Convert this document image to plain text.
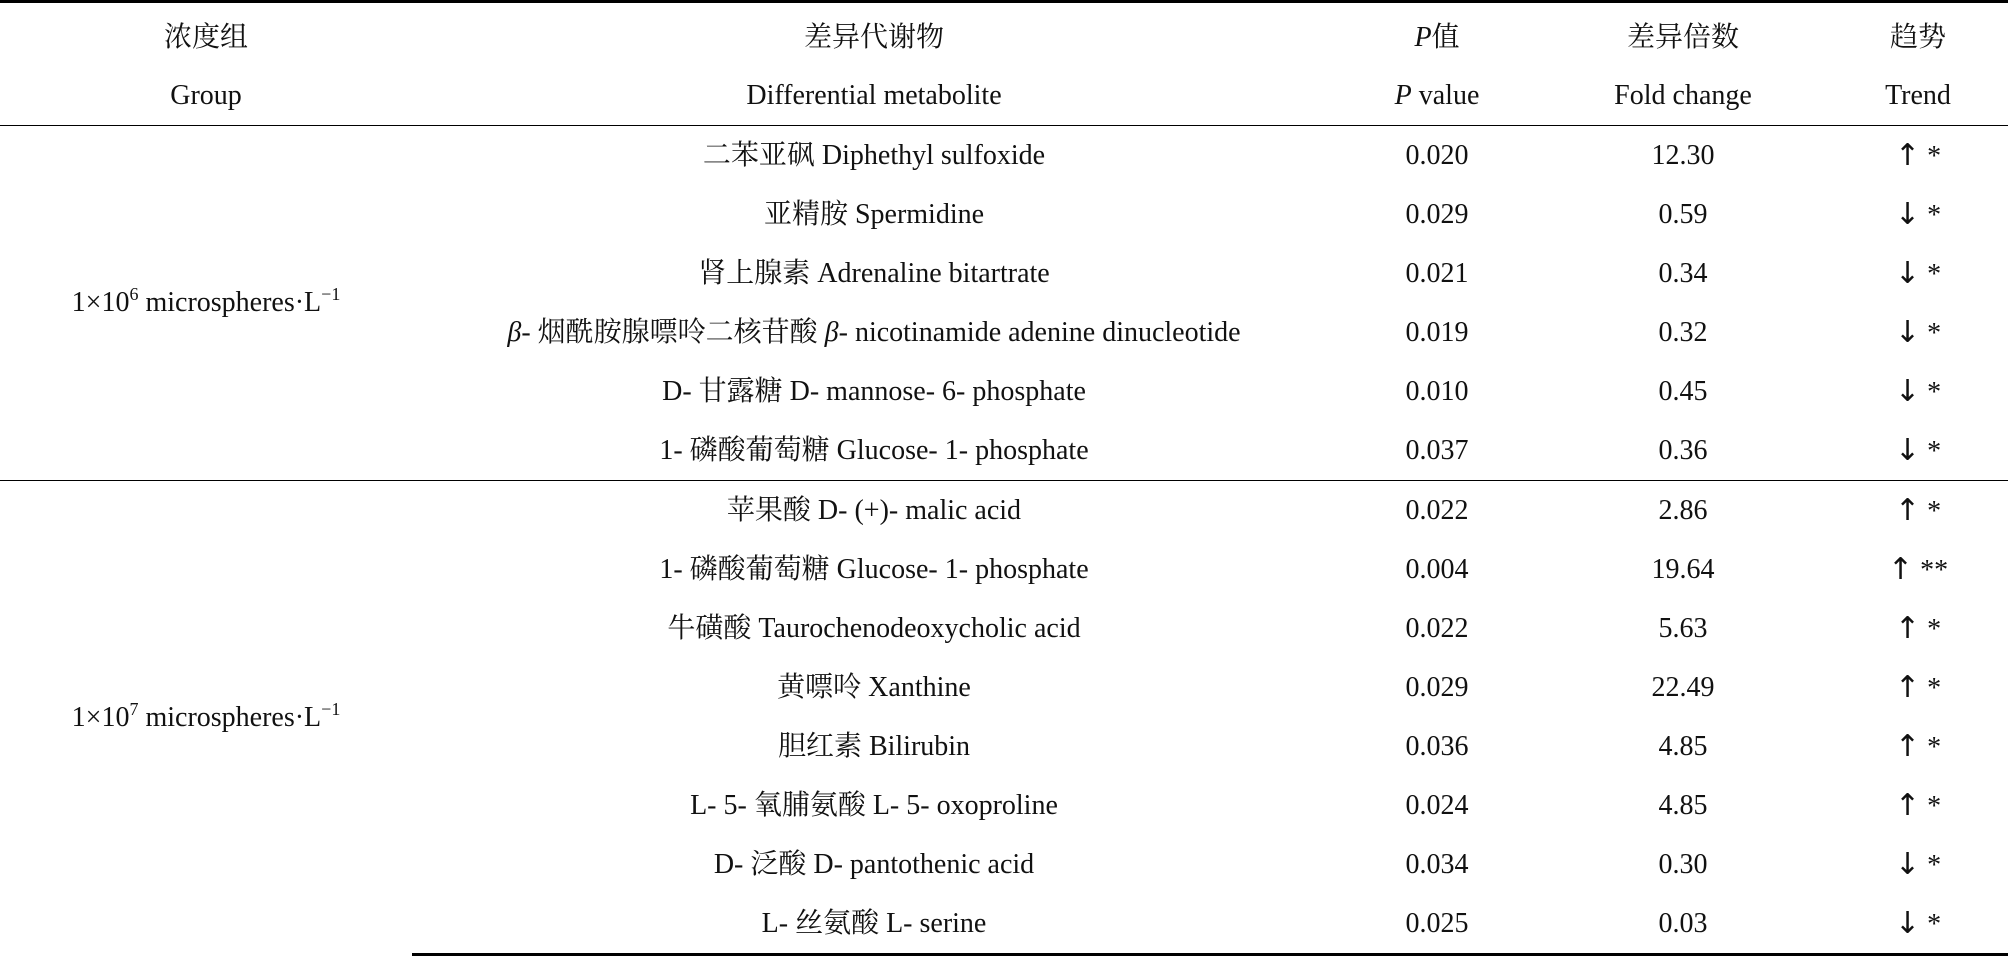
浓度组	差异代谢物	P值	差异倍数	趋势
Group	Differential metabolite	P value	Fold change	Trend
$1\times 10^6$ $microspheres\cdot L^{-1}$	二苯亚砜 Diphethyl sulfoxide	0.020	12.30	↑ *
	亚精胺 Spermidine	0.029	0.59	↓ *
	肾上腺素 Adrenaline bitartrate	0.021	0.34	↓ *
	β- 烟酰胺腺嘌呤二核苷酸 β- nicotinamide adenine dinucleotide	0.019	0.32	↓ *
	D- 甘露糖 D- mannose- 6- phosphate	0.010	0.45	↓ *
	1- 磷酸葡萄糖 Glucose- 1- phosphate	0.037	0.36	↓ *
$1\times 10^7$ $microspheres\cdot L^{-1}$	苹果酸 D- (+)- malic acid	0.022	2.86	↑ *
	1- 磷酸葡萄糖 Glucose- 1- phosphate	0.004	19.64	↑ **
	牛磺酸 Taurochenodeoxycholic acid	0.022	5.63	↑ *
	黄嘌呤 Xanthine	0.029	22.49	↑ *
	胆红素 Bilirubin	0.036	4.85	↑ *
	L- 5- 氧脯氨酸 L- 5- oxoproline	0.024	4.85	↑ *
	D- 泛酸 D- pantothenic acid	0.034	0.30	↓ *
	L- 丝氨酸 L- serine	0.025	0.03	↓ *
